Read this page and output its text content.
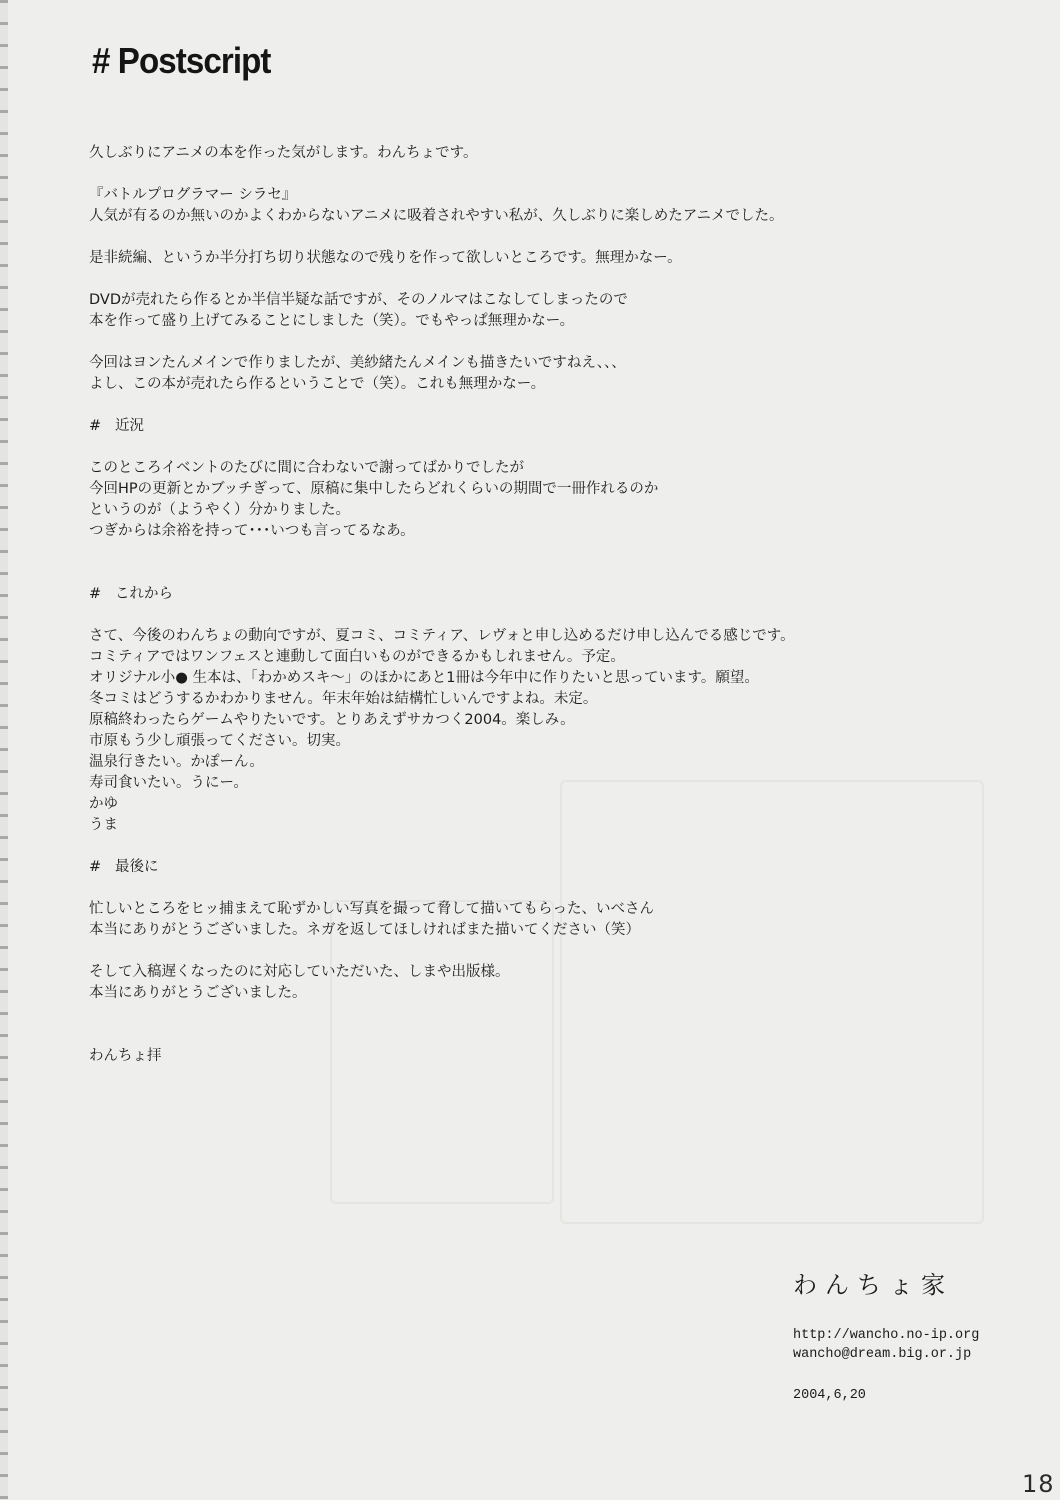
# Postscript

久しぶりにアニメの本を作った気がします。わんちょです。

『バトルプログラマー シラセ』

人気が有るのか無いのかよくわからないアニメに吸着されやすい私が、久しぶりに楽しめたアニメでした。

是非続編、というか半分打ち切り状態なので残りを作って欲しいところです。無理かなー。

DVDが売れたら作るとか半信半疑な話ですが、そのノルマはこなしてしまったので

本を作って盛り上げてみることにしました（笑）。でもやっぱ無理かなー。

今回はヨンたんメインで作りましたが、美紗緒たんメインも描きたいですねえ、、、

よし、この本が売れたら作るということで（笑）。これも無理かなー。

# 近況

このところイベントのたびに間に合わないで謝ってばかりでしたが

今回HPの更新とかブッチぎって、原稿に集中したらどれくらいの期間で一冊作れるのか

というのが（ようやく）分かりました。

つぎからは余裕を持って･･･いつも言ってるなあ。

# これから

さて、今後のわんちょの動向ですが、夏コミ、コミティア、レヴォと申し込めるだけ申し込んでる感じです。

コミティアではワンフェスと連動して面白いものができるかもしれません。予定。

オリジナル小● 生本は、「わかめスキ～」のほかにあと1冊は今年中に作りたいと思っています。願望。

冬コミはどうするかわかりません。年末年始は結構忙しいんですよね。未定。

原稿終わったらゲームやりたいです。とりあえずサカつく2004。楽しみ。

市原もう少し頑張ってください。切実。

温泉行きたい。かぽーん。

寿司食いたい。うにー。

かゆ

うま

# 最後に

忙しいところをヒッ捕まえて恥ずかしい写真を撮って脅して描いてもらった、いべさん

本当にありがとうございました。ネガを返してほしければまた描いてください（笑）

そして入稿遅くなったのに対応していただいた、しまや出版様。

本当にありがとうございました。

わんちょ拝

わんちょ家

http://wancho.no-ip.org

wancho@dream.big.or.jp

2004,6,20

18
